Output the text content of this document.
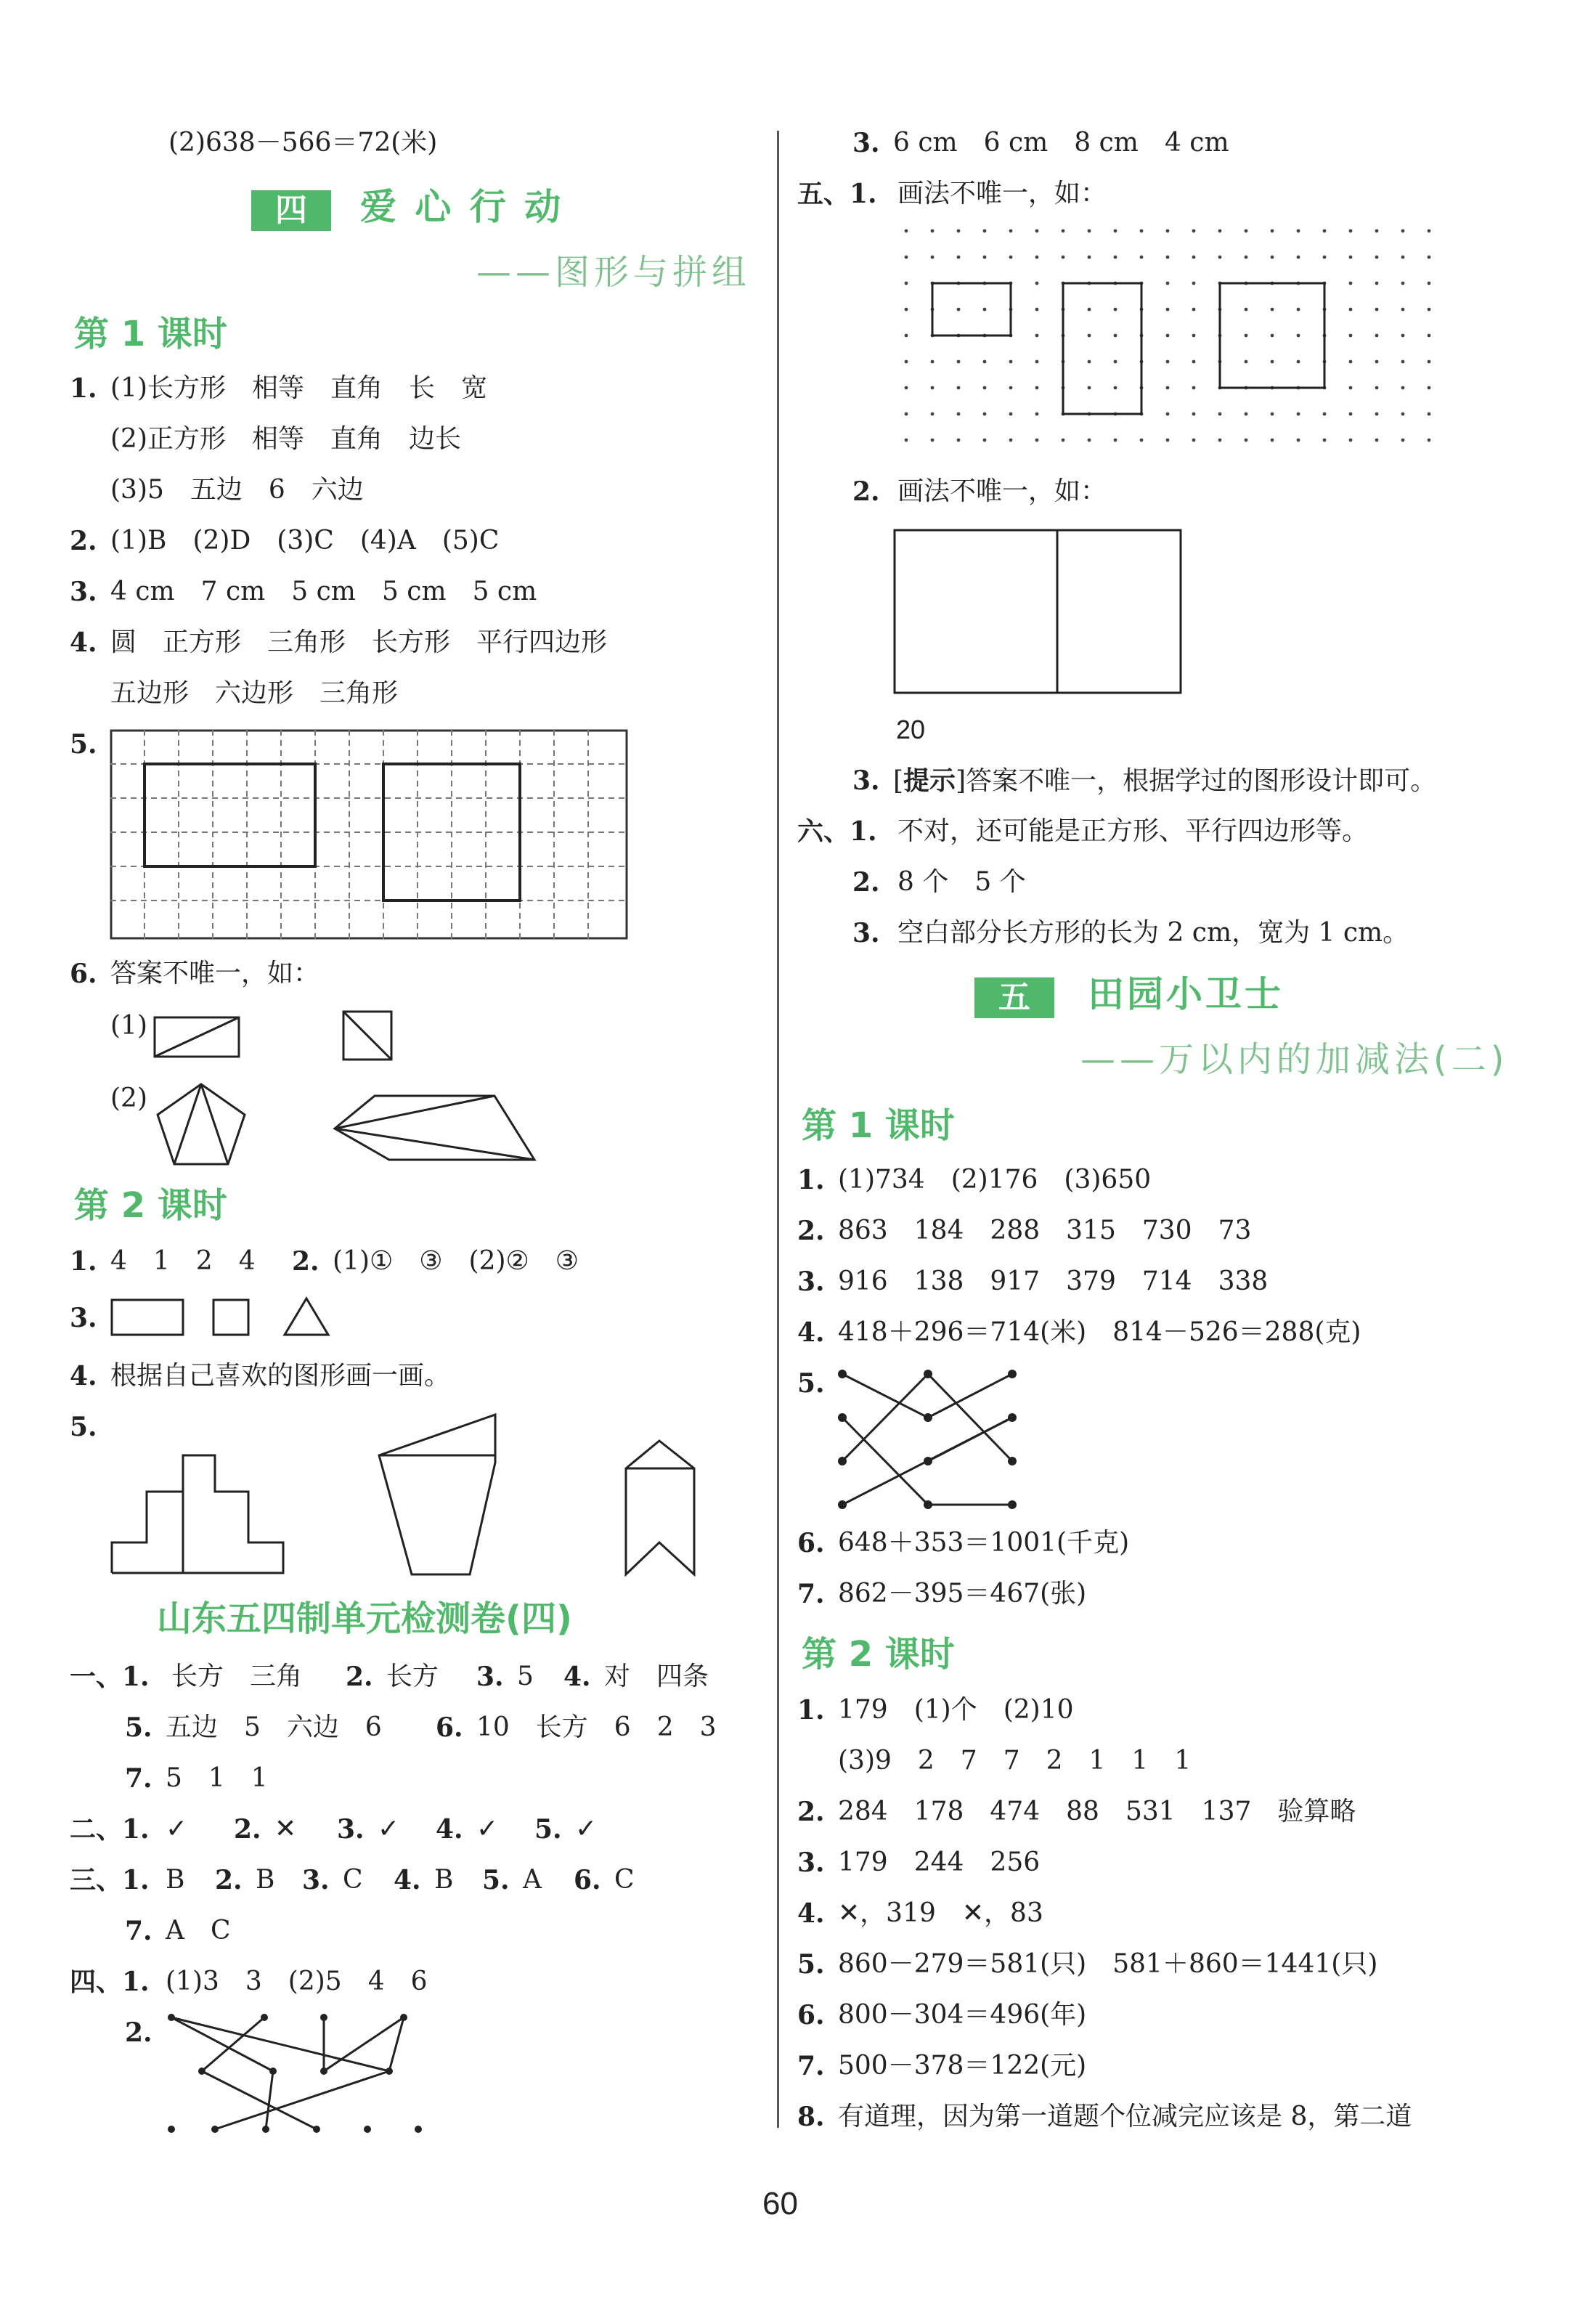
(2)638－566＝72(米)
四	爱 心 行 动
——图形与拼组
第 1 课时
1. (1)长方形　相等　直角　长　宽
(2)正方形　相等　直角　边长
(3)5　五边　6　六边
2. (1)B　(2)D　(3)C　(4)A　(5)C
3. 4 cm　7 cm　5 cm　5 cm　5 cm
4. 圆　正方形　三角形　长方形　平行四边形
五边形　六边形　三角形
5.
6. 答案不唯一，如：
(1)
(2)
第 2 课时
1. 4　1　2　4 2. (1)①　③　(2)②　③
3.
4. 根据自己喜欢的图形画一画。
5.
山东五四制单元检测卷(四)
一、1. 长方　三角 2. 长方 3. 5 4. 对　四条
5. 五边　5　六边　6 6. 10　长方　6　2　3
7. 5　1　1
二、1. ✓ 2. ✕ 3. ✓ 4. ✓ 5. ✓
三、1. B 2. B 3. C 4. B 5. A 6. C
7. A　C
四、1. (1)3　3　(2)5　4　6
2.
3. 6 cm　6 cm　8 cm　4 cm
五、1. 画法不唯一，如：
2. 画法不唯一，如：
20
3. [提示]答案不唯一，根据学过的图形设计即可。
六、1. 不对，还可能是正方形、平行四边形等。
2. 8 个　5 个
3. 空白部分长方形的长为 2 cm，宽为 1 cm。
五	田园小卫士
——万以内的加减法(二)
第 1 课时
1. (1)734　(2)176　(3)650
2. 863　184　288　315　730　73
3. 916　138　917　379　714　338
4. 418＋296＝714(米)　814－526＝288(克)
5.
6. 648＋353＝1001(千克)
7. 862－395＝467(张)
第 2 课时
1. 179　(1)个　(2)10
(3)9　2　7　7　2　1　1　1
2. 284　178　474　88　531　137　验算略
3. 179　244　256
4. ✕，319　✕，83
5. 860－279＝581(只)　581＋860＝1441(只)
6. 800－304＝496(年)
7. 500－378＝122(元)
8. 有道理，因为第一道题个位减完应该是 8，第二道
60
